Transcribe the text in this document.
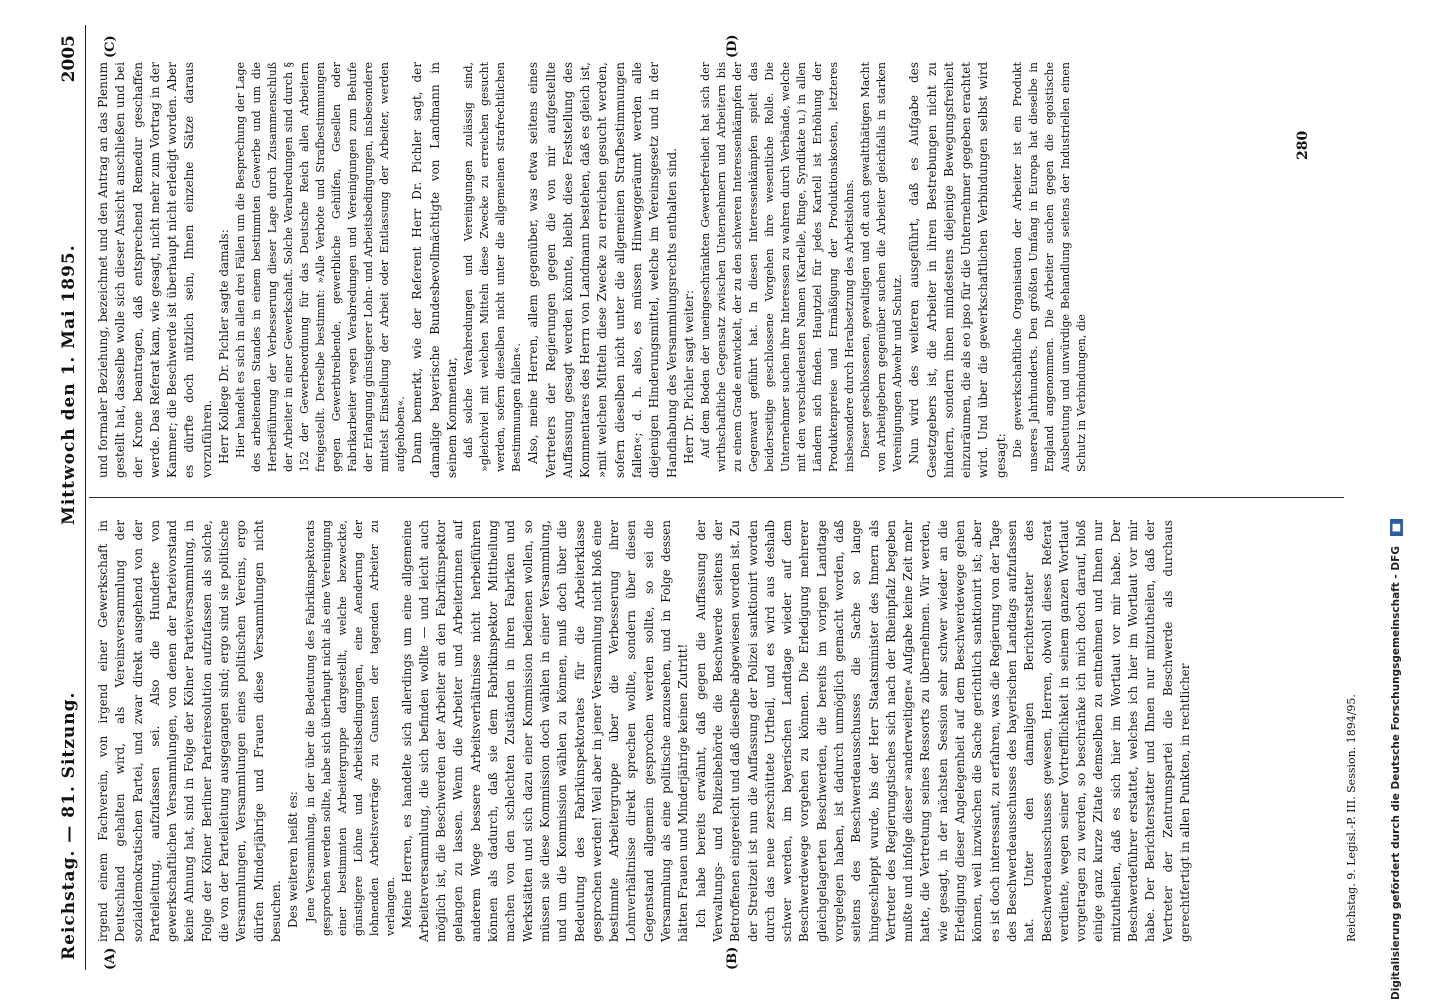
Reichstag. — 81. Sitzung.
Mittwoch den 1. Mai 1895.
2005
(A)	(B)
(C)	(D)

irgend einem Fachverein, von irgend einer Gewerkschaft in Deutschland gehalten wird, als Vereinsversammlung der sozialdemokratischen Partei, und zwar direkt ausgehend von der Parteileitung, aufzufassen sei. Also die Hunderte von gewerkschaftlichen Versammlungen, von denen der Parteivorstand keine Ahnung hat, sind in Folge der Kölner Parteiversammlung, in Folge der Kölner Berliner Parteiresolution aufzufassen als solche, die von der Parteileitung ausgegangen sind; ergo sind sie politische Versammlungen, Versammlungen eines politischen Vereins, ergo dürfen Minderjährige und Frauen diese Versammlungen nicht besuchen. Des weiteren heißt es: Jene Versammlung, in der über die Bedeutung des Fabrikinspektorats gesprochen werden sollte, habe sich überhaupt nicht als eine Vereinigung einer bestimmten Arbeitergruppe dargestellt, welche bezweckte, günstigere Löhne und Arbeitsbedingungen, eine Aenderung der lohnenden Arbeitsverträge zu Gunsten der tagenden Arbeiter zu verlangen. Meine Herren, es handelte sich allerdings um eine allgemeine Arbeiterversammlung, die sich befinden wollte — und leicht auch möglich ist, die Beschwerden der Arbeiter an den Fabrikinspektor gelangen zu lassen. Wenn die Arbeiter und Arbeiterinnen auf anderem Wege bessere Arbeitsverhältnisse nicht herbeiführen können als dadurch, daß sie dem Fabrikinspektor Mittheilung machen von den schlechten Zuständen in ihren Fabriken und Werkstätten und sich dazu einer Kommission bedienen wollen, so müssen sie diese Kommission doch wählen in einer Versammlung, und um die Kommission wählen zu können, muß doch über die Bedeutung des Fabrikinspektorates für die Arbeiterklasse gesprochen werden! Weil aber in jener Versammlung nicht bloß eine bestimmte Arbeitergruppe über die Verbesserung ihrer Lohnverhältnisse direkt sprechen wollte, sondern über diesen Gegenstand allgemein gesprochen werden sollte, so sei die Versammlung als eine politische anzusehen, und in Folge dessen hätten Frauen und Minderjährige keinen Zutritt! Ich habe bereits erwähnt, daß gegen die Auffassung der Verwaltungs- und Polizeibehörde die Beschwerde seitens der Betroffenen eingereicht und daß dieselbe abgewiesen worden ist. Zu der Streitzeit ist nun die Auffassung der Polizei sanktionirt worden durch das neue zerschüttete Urtheil, und es wird aus deshalb schwer werden, im bayerischen Landtage wieder auf dem Beschwerdewege vorgehen zu können. Die Erledigung mehrerer gleichgelagerten Beschwerden, die bereits im vorigen Landtage vorgelegen haben, ist dadurch unmöglich gemacht worden, daß seitens des Beschwerdeausschusses die Sache so lange hingeschleppt wurde, bis der Herr Staatsminister des Innern als Vertreter des Regierungstisches sich nach der Rheinpfalz begeben mußte und infolge dieser »anderweitigen« Aufgabe keine Zeit mehr hatte, die Vertretung seines Ressorts zu übernehmen. Wir werden, wie gesagt, in der nächsten Session sehr schwer wieder an die Erledigung dieser Angelegenheit auf dem Beschwerdewege gehen können, weil inzwischen die Sache gerichtlich sanktionirt ist; aber es ist doch interessant, zu erfahren, was die Regierung von der Tage des Beschwerdeausschusses des bayerischen Landtags aufzufassen hat. Unter den damaligen Berichterstatter des Beschwerdeausschusses gewesen, Herren, obwohl dieses Referat verdiente, wegen seiner Vortrefflichkeit in seinem ganzen Wortlaut vorgetragen zu werden, so beschränke ich mich doch darauf, bloß einige ganz kurze Zitate demselben zu entnehmen und Ihnen nur mitzutheilen, daß es sich hier im Wortlaut vor mir habe. Der Beschwerdeführer erstattet, welches ich hier im Wortlaut vor mir habe. Der Berichterstatter und Ihnen nur mitzutheilen, daß der Vertreter der Zentrumspartei die Beschwerde als durchaus gerechtfertigt in allen Punkten, in rechtlicher	Reichstag. 9. Legisl.-P. III. Session. 1894/95.

und formaler Beziehung, bezeichnet und den Antrag an das Plenum gestellt hat, dasselbe wolle sich dieser Ansicht anschließen und bei der Krone beantragen, daß entsprechend Remedur geschaffen werde. Das Referat kam, wie gesagt, nicht mehr zum Vortrag in der Kammer; die Beschwerde ist überhaupt nicht erledigt worden. Aber es dürfte doch nützlich sein, Ihnen einzelne Sätze daraus vorzuführen. Herr Kollege Dr. Pichler sagte damals: Hier handelt es sich in allen drei Fällen um die Besprechung der Lage des arbeitenden Standes in einem bestimmten Gewerbe und um die Herbeiführung der Verbesserung dieser Lage durch Zusammenschluß der Arbeiter in einer Gewerkschaft. Solche Verabredungen sind durch § 152 der Gewerbeordnung für das Deutsche Reich allen Arbeitern freigestellt. Derselbe bestimmt: »Alle Verbote und Strafbestimmungen gegen Gewerbtreibende, gewerbliche Gehilfen, Gesellen oder Fabrikarbeiter wegen Verabredungen und Vereinigungen zum Behufe der Erlangung günstigerer Lohn- und Arbeitsbedingungen, insbesondere mittelst Einstellung der Arbeit oder Entlassung der Arbeiter, werden aufgehoben«. Dann bemerkt, wie der Referent Herr Dr. Pichler sagt, der damalige bayerische Bundesbevollmächtigte von Landmann in seinem Kommentar, daß solche Verabredungen und Vereinigungen zulässig sind, »gleichviel mit welchen Mitteln diese Zwecke zu erreichen gesucht werden, sofern dieselben nicht unter die allgemeinen strafrechtlichen Bestimmungen fallen«. Also, meine Herren, allem gegenüber, was etwa seitens eines Vertreters der Regierungen gegen die von mir aufgestellte Auffassung gesagt werden könnte, bleibt diese Feststellung des Kommentares des Herrn von Landmann bestehen, daß es gleich ist, »mit welchen Mitteln diese Zwecke zu erreichen gesucht werden, sofern dieselben nicht unter die allgemeinen Strafbestimmungen fallen«; d. h. also, es müssen Hinweggeräumt werden alle diejenigen Hinderungsmittel, welche im Vereinsgesetz und in der Handhabung des Versammlungsrechts enthalten sind. Herr Dr. Pichler sagt weiter: Auf dem Boden der uneingeschränkten Gewerbefreiheit hat sich der wirthschaftliche Gegensatz zwischen Unternehmern und Arbeitern bis zu einem Grade entwickelt, der zu den schweren Interessenkämpfen der Gegenwart geführt hat. In diesen Interessenkämpfen spielt das beiderseitige geschlossene Vorgehen ihre wesentliche Rolle. Die Unternehmer suchen ihre Interessen zu wahren durch Verbände, welche mit den verschiedensten Namen (Kartelle, Ringe, Syndikate u.) in allen Ländern sich finden. Hauptziel für jedes Kartell ist Erhöhung der Produktenpreise und Ermäßigung der Produktionskosten, letzteres insbesondere durch Herabsetzung des Arbeitslohns. Dieser geschlossenen, gewaltigen und oft auch gewaltthätigen Macht von Arbeitgebern gegenüber suchen die Arbeiter gleichfalls in starken Vereinigungen Abwehr und Schutz. Nun wird des weiteren ausgeführt, daß es Aufgabe des Gesetzgebers ist, die Arbeiter in ihren Bestrebungen nicht zu hindern, sondern ihnen mindestens diejenige Bewegungsfreiheit einzuräumen, die als eo ipso für die Unternehmer gegeben erachtet wird. Und über die gewerkschaftlichen Verbindungen selbst wird gesagt: Die gewerkschaftliche Organisation der Arbeiter ist ein Produkt unseres Jahrhunderts. Den größten Umfang in Europa hat dieselbe in England angenommen. Die Arbeiter suchen gegen die egoistische Ausbeutung und unwürdige Behandlung seitens der Industriellen einen Schutz in Verbindungen, die

280
Digitalisierung gefördert durch die Deutsche Forschungsgemeinschaft - DFG ■
